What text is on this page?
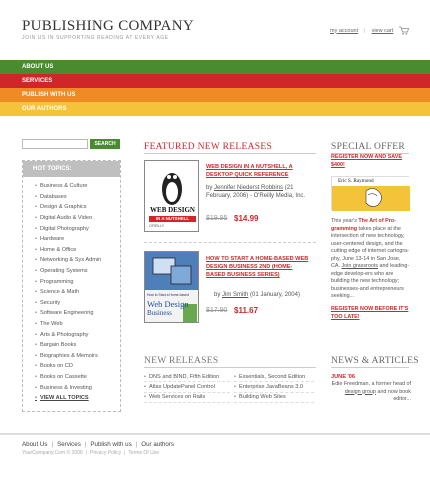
PUBLISHING COMPANY
JOIN US IN SUPPORTING READING AT EVERY AGE
my account | view cart
ABOUT US
SERVICES
PUBLISH WITH US
OUR AUTHORS
SEARCH
HOT TOPICS:
• Business & Culture
• Databases
• Design & Graphics
• Digital Audio & Video
• Digital Photography
• Hardware
• Home & Office
• Networking & Sys Admin
• Operating Systems
• Programming
• Science & Math
• Security
• Software Engineering
• The Web
• Arts & Photography
• Bargain Books
• Biographies & Memoirs
• Books on CD
• Books on Cassette
• Business & Investing
• VIEW ALL TOPICS
FEATURED NEW RELEASES
WEB DESIGN
IN A NUTSHELL
O'REILLY
WEB DESIGN IN A NUTSHELL, A DESKTOP QUICK REFERENCE
by Jennifer Niederst Robbins (21 February, 2006) - O'Reilly Media, Inc.
$19.95 $14.99
How to Start a Home-based
Web Design
Business
HOW TO START A HOME-BASED WEB DESIGN BUSINESS 2ND (HOME-BASED BUSINESS SERIES)
by Jim Smith (01 January, 2004)
$17.90 $11.67
SPECIAL OFFER
REGISTER NOW AND SAVE $400!
Eric S. Raymond
This year's The Art of Pro-gramming takes place at the intersection of new technology, user-centered design, and the cutting edge of internet cartogra-phy, June 13-14 in San Jose, CA. Join grassroots and leading-edge develop-ers who are building the new technology; businesses-and entrepreneurs seeking...
REGISTER NOW BEFORE IT'S TOO LATE!
NEW RELEASES
• DNS and BIND, Fifth Edition
• Atlas UpdatePanel Control
• Web Services on Rails
• Essentials, Second Edition
• Enterprise JavaBeans 3.0
• Building Web Sites
NEWS & ARTICLES
JUNE '06
Edie Freedman, a former head of design group and now book editor...
About Us | Services | Publish with us | Our authors
YourCompany.Com © 2006 | Privacy Policy | Terms Of Use
